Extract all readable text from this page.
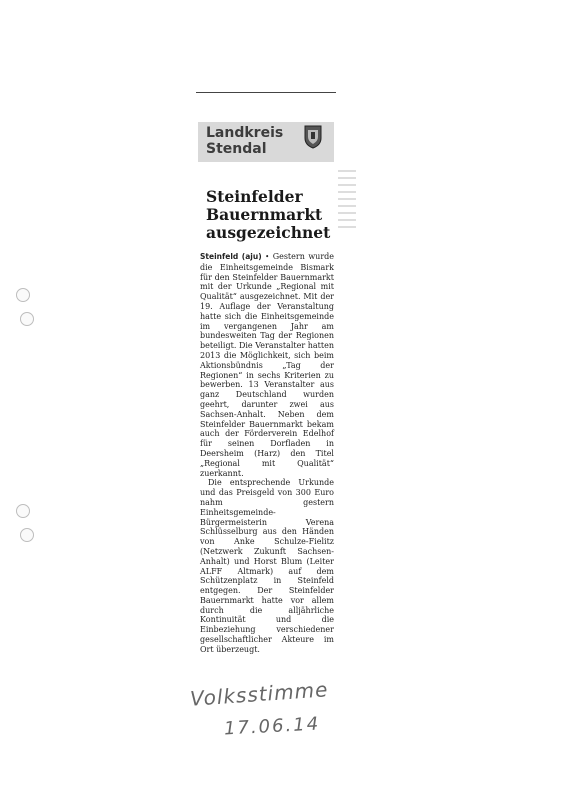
Landkreis
Stendal
Steinfelder Bauernmarkt ausgezeichnet

Steinfeld (aju) • Gestern wurde die Einheitsgemeinde Bismark für den Steinfelder Bauernmarkt mit der Urkunde „Regional mit Qualität“ ausgezeichnet. Mit der 19. Auflage der Veranstaltung hatte sich die Einheitsgemeinde im vergangenen Jahr am bundesweiten Tag der Regionen beteiligt. Die Veranstalter hatten 2013 die Möglichkeit, sich beim Aktionsbündnis „Tag der Regionen“ in sechs Kriterien zu bewerben. 13 Veranstalter aus ganz Deutschland wurden geehrt, darunter zwei aus Sachsen-Anhalt. Neben dem Steinfelder Bauernmarkt bekam auch der Förderverein Edelhof für seinen Dorfladen in Deersheim (Harz) den Titel „Regional mit Qualität“ zuerkannt.

Die entsprechende Urkunde und das Preisgeld von 300 Euro nahm gestern Einheitsgemeinde-Bürgermeisterin Verena Schlüsselburg aus den Händen von Anke Schulze-Fielitz (Netzwerk Zukunft Sachsen-Anhalt) und Horst Blum (Leiter ALFF Altmark) auf dem Schützenplatz in Steinfeld entgegen. Der Steinfelder Bauernmarkt hatte vor allem durch die alljährliche Kontinuität und die Einbeziehung verschiedener gesellschaftlicher Akteure im Ort überzeugt.

Volksstimme
17.06.14
